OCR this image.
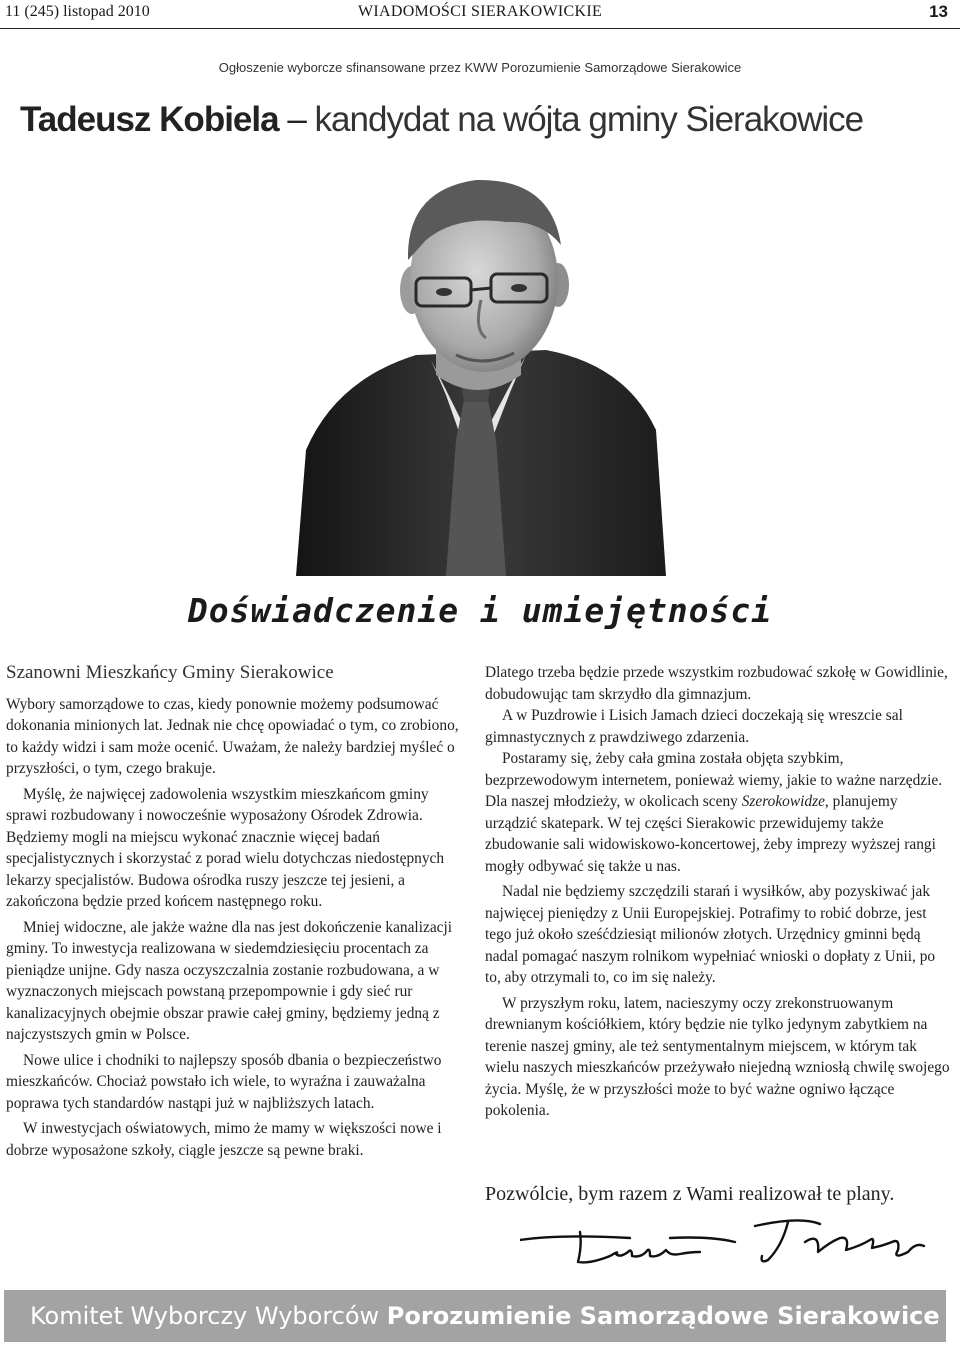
11 (245) listopad 2010	WIADOMOŚCI SIERAKOWICKIE	13
Ogłoszenie wyborcze sfinansowane przez KWW Porozumienie Samorządowe Sierakowice
Tadeusz Kobiela – kandydat na wójta gminy Sierakowice
Doświadczenie i umiejętności

Szanowni Mieszkańcy Gminy Sierakowice

Wybory samorządowe to czas, kiedy ponownie możemy podsumować dokonania minionych lat. Jednak nie chcę opowiadać o tym, co zrobiono, to każdy widzi i sam może ocenić. Uważam, że należy bardziej myśleć o przyszłości, o tym, czego brakuje.

Myślę, że najwięcej zadowolenia wszystkim mieszkańcom gminy sprawi rozbudowany i nowocześnie wyposażony Ośrodek Zdrowia. Będziemy mogli na miejscu wykonać znacznie więcej badań specjalistycznych i skorzystać z porad wielu dotychczas niedostępnych lekarzy specjalistów. Budowa ośrodka ruszy jeszcze tej jesieni, a zakończona będzie przed końcem następnego roku.

Mniej widoczne, ale jakże ważne dla nas jest dokończenie kanalizacji gminy. To inwestycja realizowana w siedemdziesięciu procentach za pieniądze unijne. Gdy nasza oczyszczalnia zostanie rozbudowana, a w wyznaczonych miejscach powstaną przepompownie i gdy sieć rur kanalizacyjnych obejmie obszar prawie całej gminy, będziemy jedną z najczystszych gmin w Polsce.

Nowe ulice i chodniki to najlepszy sposób dbania o bezpieczeństwo mieszkańców. Chociaż powstało ich wiele, to wyraźna i zauważalna poprawa tych standardów nastąpi już w najbliższych latach.

W inwestycjach oświatowych, mimo że mamy w większości nowe i dobrze wyposażone szkoły, ciągle jeszcze są pewne braki.

Dlatego trzeba będzie przede wszystkim rozbudować szkołę w Gowidlinie, dobudowując tam skrzydło dla gimnazjum.

A w Puzdrowie i Lisich Jamach dzieci doczekają się wreszcie sal gimnastycznych z prawdziwego zdarzenia.

Postaramy się, żeby cała gmina została objęta szybkim, bezprzewodowym internetem, ponieważ wiemy, jakie to ważne narzędzie. Dla naszej młodzieży, w okolicach sceny Szerokowidze, planujemy urządzić skatepark. W tej części Sierakowic przewidujemy także zbudowanie sali widowiskowo-koncertowej, żeby imprezy wyższej rangi mogły odbywać się także u nas.

Nadal nie będziemy szczędzili starań i wysiłków, aby pozyskiwać jak najwięcej pieniędzy z Unii Europejskiej. Potrafimy to robić dobrze, jest tego już około sześćdziesiąt milionów złotych. Urzędnicy gminni będą nadal pomagać naszym rolnikom wypełniać wnioski o dopłaty z Unii, po to, aby otrzymali to, co im się należy.

W przyszłym roku, latem, nacieszymy oczy zrekonstruowanym drewnianym kościółkiem, który będzie nie tylko jedynym zabytkiem na terenie naszej gminy, ale też sentymentalnym miejscem, w którym tak wielu naszych mieszkańców przeżywało niejedną wzniosłą chwilę swojego życia. Myślę, że w przyszłości może to być ważne ogniwo łączące pokolenia.

Pozwólcie, bym razem z Wami realizował te plany.
Komitet Wyborczy Wyborców Porozumienie Samorządowe Sierakowice
